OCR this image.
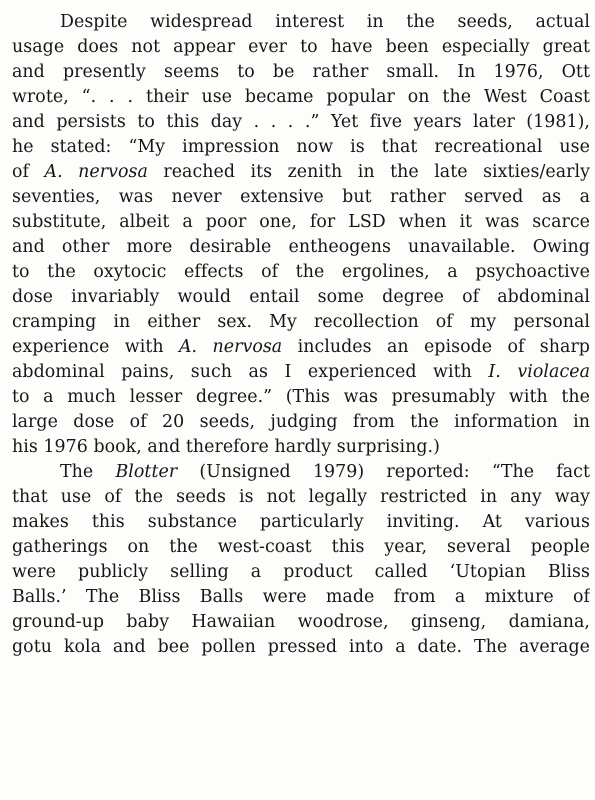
Despite widespread interest in the seeds, actual
usage does not appear ever to have been especially great
and presently seems to be rather small. In 1976, Ott
wrote, “. . . their use became popular on the West Coast
and persists to this day . . . .” Yet five years later (1981),
he stated: “My impression now is that recreational use
of A. nervosa reached its zenith in the late sixties/early
seventies, was never extensive but rather served as a
substitute, albeit a poor one, for LSD when it was scarce
and other more desirable entheogens unavailable. Owing
to the oxytocic effects of the ergolines, a psychoactive
dose invariably would entail some degree of abdominal
cramping in either sex. My recollection of my personal
experience with A. nervosa includes an episode of sharp
abdominal pains, such as I experienced with I. violacea
to a much lesser degree.” (This was presumably with the
large dose of 20 seeds, judging from the information in
his 1976 book, and therefore hardly surprising.)
The Blotter (Unsigned 1979) reported: “The fact
that use of the seeds is not legally restricted in any way
makes this substance particularly inviting. At various
gatherings on the west-coast this year, several people
were publicly selling a product called ‘Utopian Bliss
Balls.’ The Bliss Balls were made from a mixture of
ground-up baby Hawaiian woodrose, ginseng, damiana,
gotu kola and bee pollen pressed into a date. The average
